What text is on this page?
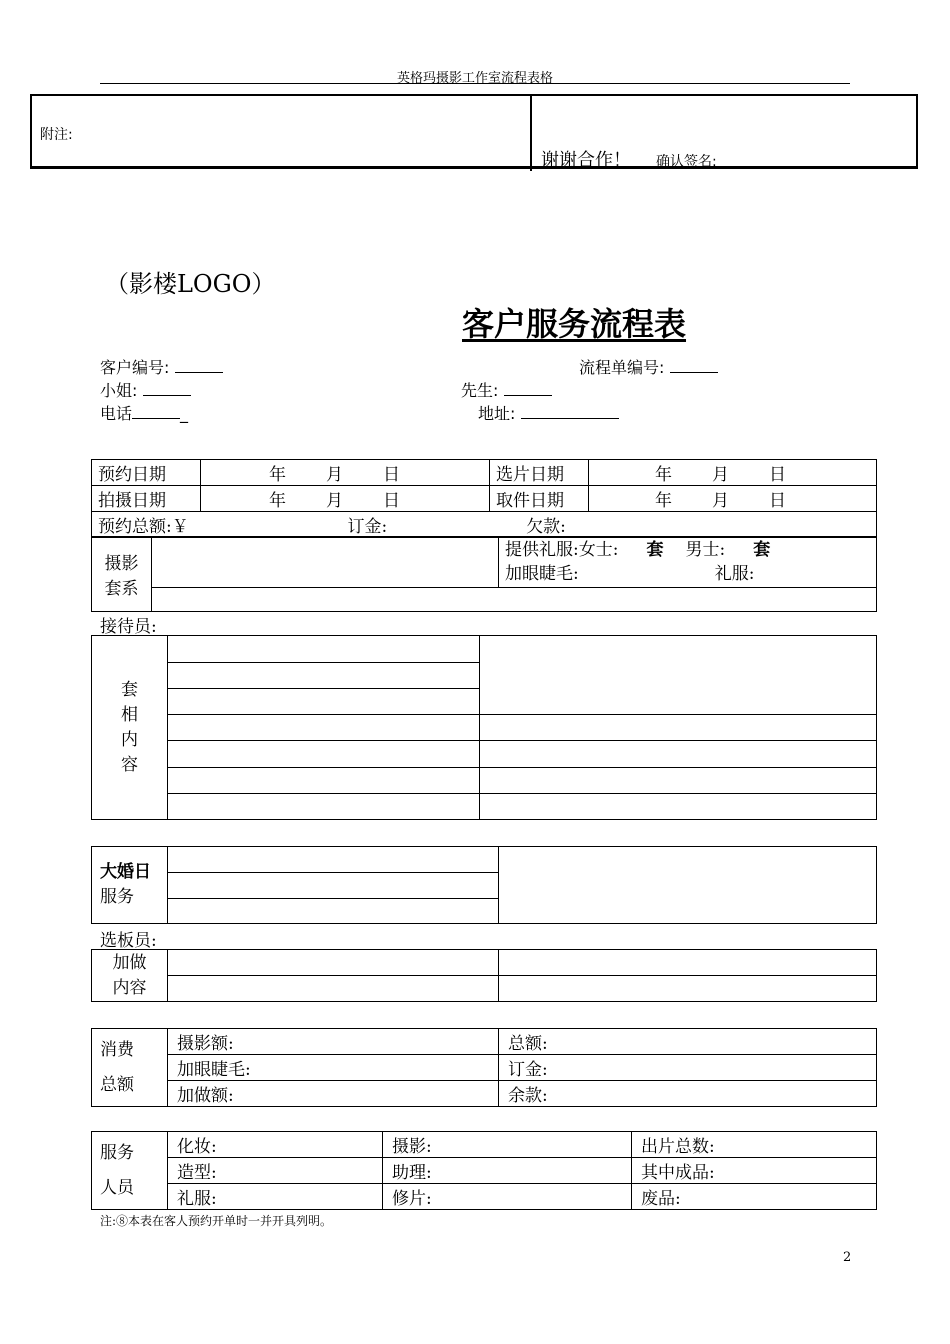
英格玛摄影工作室流程表格
附注:
谢谢合作！ 确认签名:
（影楼LOGO）
客户服务流程表
客户编号:	流程单编号:
小姐:	先生:
电话	_	地址:
预约日期	年 月 日	选片日期	年 月 日
拍摄日期	年 月 日	取件日期	年 月 日
预约总额:￥ 订金: 欠款:			
摄影
套系

提供礼服:女士: 套 男士: 套
加眼睫毛:	礼服:

接待员:
套
相
内
容		

大婚日
服务

选板员:
加做
内容		

消费
总额	摄影额:	总额:
	加眼睫毛:	订金:
	加做额:	余款:
服务
人员	化妆:	摄影:	出片总数:
	造型:	助理:	其中成品:
	礼服:	修片:	废品:
注:⑧本表在客人预约开单时一并开具列明。
2
